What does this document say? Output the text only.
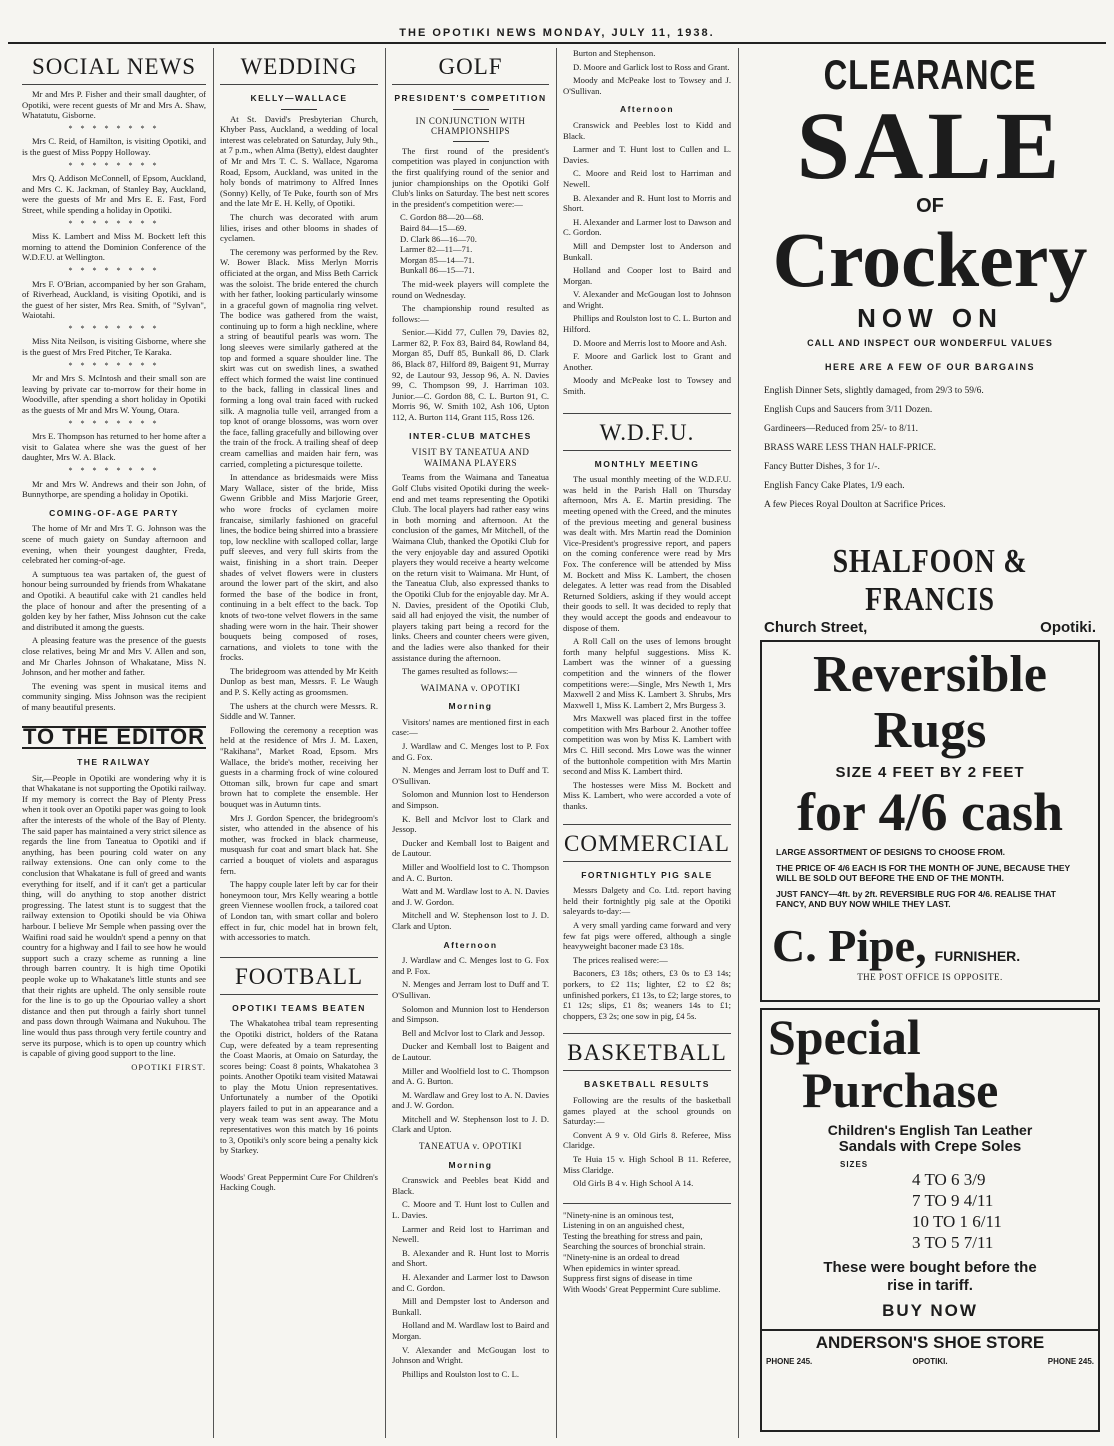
THE OPOTIKI NEWS MONDAY, JULY 11, 1938.
SOCIAL NEWS

Mr and Mrs P. Fisher and their small daughter, of Opotiki, were recent guests of Mr and Mrs A. Shaw, Whatatutu, Gisborne.

* * * * * * * *

Mrs C. Reid, of Hamilton, is visiting Opotiki, and is the guest of Miss Poppy Holloway.

* * * * * * * *

Mrs Q. Addison McConnell, of Epsom, Auckland, and Mrs C. K. Jackman, of Stanley Bay, Auckland, were the guests of Mr and Mrs E. E. Fast, Ford Street, while spending a holiday in Opotiki.

* * * * * * * *

Miss K. Lambert and Miss M. Bockett left this morning to attend the Dominion Conference of the W.D.F.U. at Wellington.

* * * * * * * *

Mrs F. O'Brian, accompanied by her son Graham, of Riverhead, Auckland, is visiting Opotiki, and is the guest of her sister, Mrs Rea. Smith, of "Sylvan", Waiotahi.

* * * * * * * *

Miss Nita Neilson, is visiting Gisborne, where she is the guest of Mrs Fred Pitcher, Te Karaka.

* * * * * * * *

Mr and Mrs S. McIntosh and their small son are leaving by private car to-morrow for their home in Woodville, after spending a short holiday in Opotiki as the guests of Mr and Mrs W. Young, Otara.

* * * * * * * *

Mrs E. Thompson has returned to her home after a visit to Galatea where she was the guest of her daughter, Mrs W. A. Black.

* * * * * * * *

Mr and Mrs W. Andrews and their son John, of Bunnythorpe, are spending a holiday in Opotiki.

COMING-OF-AGE PARTY

The home of Mr and Mrs T. G. Johnson was the scene of much gaiety on Sunday afternoon and evening, when their youngest daughter, Freda, celebrated her coming-of-age.

A sumptuous tea was partaken of, the guest of honour being surrounded by friends from Whakatane and Opotiki. A beautiful cake with 21 candles held the place of honour and after the presenting of a golden key by her father, Miss Johnson cut the cake and distributed it among the guests.

A pleasing feature was the presence of the guests close relatives, being Mr and Mrs V. Allen and son, and Mr Charles Johnson of Whakatane, Miss N. Johnson, and her mother and father.

The evening was spent in musical items and community singing. Miss Johnson was the recipient of many beautiful presents.

TO THE EDITOR
THE RAILWAY

Sir,—People in Opotiki are wondering why it is that Whakatane is not supporting the Opotiki railway. If my memory is correct the Bay of Plenty Press when it took over an Opotiki paper was going to look after the interests of the whole of the Bay of Plenty. The said paper has maintained a very strict silence as regards the line from Taneatua to Opotiki and if anything, has been pouring cold water on any railway extensions. One can only come to the conclusion that Whakatane is full of greed and wants everything for itself, and if it can't get a particular thing, will do anything to stop another district progressing. The latest stunt is to suggest that the railway extension to Opotiki should be via Ohiwa harbour. I believe Mr Semple when passing over the Waifini road said he wouldn't spend a penny on that country for a highway and I fail to see how he would support such a crazy scheme as running a line through barren country. It is high time Opotiki people woke up to Whakatane's little stunts and see that their rights are upheld. The only sensible route for the line is to go up the Opouriao valley a short distance and then put through a fairly short tunnel and pass down through Waimana and Nukuhou. The line would thus pass through very fertile country and serve its purpose, which is to open up country which is capable of giving good support to the line.

OPOTIKI FIRST.
WEDDING
KELLY—WALLACE

At St. David's Presbyterian Church, Khyber Pass, Auckland, a wedding of local interest was celebrated on Saturday, July 9th., at 7 p.m., when Alma (Betty), eldest daughter of Mr and Mrs T. C. S. Wallace, Ngaroma Road, Epsom, Auckland, was united in the holy bonds of matrimony to Alfred Innes (Sonny) Kelly, of Te Puke, fourth son of Mrs and the late Mr E. H. Kelly, of Opotiki.

The church was decorated with arum lilies, irises and other blooms in shades of cyclamen.

The ceremony was performed by the Rev. W. Bower Black. Miss Merlyn Morris officiated at the organ, and Miss Beth Carrick was the soloist. The bride entered the church with her father, looking particularly winsome in a graceful gown of magnolia ring velvet. The bodice was gathered from the waist, continuing up to form a high neckline, where a string of beautiful pearls was worn. The long sleeves were similarly gathered at the top and formed a square shoulder line. The skirt was cut on swedish lines, a swathed effect which formed the waist line continued to the back, falling in classical lines and forming a long oval train faced with rucked silk. A magnolia tulle veil, arranged from a top knot of orange blossoms, was worn over the face, falling gracefully and billowing over the train of the frock. A trailing sheaf of deep cream camellias and maiden hair fern, was carried, completing a picturesque toilette.

In attendance as bridesmaids were Miss Mary Wallace, sister of the bride, Miss Gwenn Gribble and Miss Marjorie Greer, who wore frocks of cyclamen moire francaise, similarly fashioned on graceful lines, the bodice being shirred into a brassiere top, low neckline with scalloped collar, large puff sleeves, and very full skirts from the waist, finishing in a short train. Deeper shades of velvet flowers were in clusters around the lower part of the skirt, and also formed the base of the bodice in front, continuing in a belt effect to the back. Top knots of two-tone velvet flowers in the same shading were worn in the hair. Their shower bouquets being composed of roses, carnations, and violets to tone with the frocks.

The bridegroom was attended by Mr Keith Dunlop as best man, Messrs. F. Le Waugh and P. S. Kelly acting as groomsmen.

The ushers at the church were Messrs. R. Siddle and W. Tanner.

Following the ceremony a reception was held at the residence of Mrs J. M. Laxen, "Rakihana", Market Road, Epsom. Mrs Wallace, the bride's mother, receiving her guests in a charming frock of wine coloured Ottoman silk, brown fur cape and smart brown hat to complete the ensemble. Her bouquet was in Autumn tints.

Mrs J. Gordon Spencer, the bridegroom's sister, who attended in the absence of his mother, was frocked in black charmeuse, musquash fur coat and smart black hat. She carried a bouquet of violets and asparagus fern.

The happy couple later left by car for their honeymoon tour, Mrs Kelly wearing a bottle green Viennese woollen frock, a tailored coat of London tan, with smart collar and bolero effect in fur, chic model hat in brown felt, with accessories to match.

FOOTBALL
OPOTIKI TEAMS BEATEN

The Whakatohea tribal team representing the Opotiki district, holders of the Ratana Cup, were defeated by a team representing the Coast Maoris, at Omaio on Saturday, the scores being: Coast 8 points, Whakatohea 3 points. Another Opotiki team visited Matawai to play the Motu Union representatives. Unfortunately a number of the Opotiki players failed to put in an appearance and a very weak team was sent away. The Motu representatives won this match by 16 points to 3, Opotiki's only score being a penalty kick by Starkey.

Woods' Great Peppermint Cure For Children's Hacking Cough.
GOLF
PRESIDENT'S COMPETITION
IN CONJUNCTION WITH CHAMPIONSHIPS

The first round of the president's competition was played in conjunction with the first qualifying round of the senior and junior championships on the Opotiki Golf Club's links on Saturday. The best nett scores in the president's competition were:—

C. Gordon 88—20—68.
Baird 84—15—69.
D. Clark 86—16—70.
Larmer 82—11—71.
Morgan 85—14—71.
Bunkall 86—15—71.

The mid-week players will complete the round on Wednesday.

The championship round resulted as follows:—

Senior.—Kidd 77, Cullen 79, Davies 82, Larmer 82, P. Fox 83, Baird 84, Rowland 84, Morgan 85, Duff 85, Bunkall 86, D. Clark 86, Black 87, Hilford 89, Baigent 91, Murray 92, de Lautour 93, Jessop 96, A. N. Davies 99, C. Thompson 99, J. Harriman 103. Junior.—C. Gordon 88, C. L. Burton 91, C. Morris 96, W. Smith 102, Ash 106, Upton 112, A. Burton 114, Grant 115, Ross 126.

INTER-CLUB MATCHES
VISIT BY TANEATUA AND WAIMANA PLAYERS

Teams from the Waimana and Taneatua Golf Clubs visited Opotiki during the week-end and met teams representing the Opotiki Club. The local players had rather easy wins in both morning and afternoon. At the conclusion of the games, Mr Mitchell, of the Waimana Club, thanked the Opotiki Club for the very enjoyable day and assured Opotiki players they would receive a hearty welcome on the return visit to Waimana. Mr Hunt, of the Taneatua Club, also expressed thanks to the Opotiki Club for the enjoyable day. Mr A. N. Davies, president of the Opotiki Club, said all had enjoyed the visit, the number of players taking part being a record for the links. Cheers and counter cheers were given, and the ladies were also thanked for their assistance during the afternoon.

The games resulted as follows:—

WAIMANA v. OPOTIKI
Morning

Visitors' names are mentioned first in each case:—

J. Wardlaw and C. Menges lost to P. Fox and G. Fox.

N. Menges and Jerram lost to Duff and T. O'Sullivan.

Solomon and Munnion lost to Henderson and Simpson.

K. Bell and McIvor lost to Clark and Jessop.

Ducker and Kemball lost to Baigent and de Lautour.

Miller and Woolfield lost to C. Thompson and A. C. Burton.

Watt and M. Wardlaw lost to A. N. Davies and J. W. Gordon.

Mitchell and W. Stephenson lost to J. D. Clark and Upton.

Afternoon

J. Wardlaw and C. Menges lost to G. Fox and P. Fox.

N. Menges and Jerram lost to Duff and T. O'Sullivan.

Solomon and Munnion lost to Henderson and Simpson.

Bell and McIvor lost to Clark and Jessop.

Ducker and Kemball lost to Baigent and de Lautour.

Miller and Woolfield lost to C. Thompson and A. G. Burton.

M. Wardlaw and Grey lost to A. N. Davies and J. W. Gordon.

Mitchell and W. Stephenson lost to J. D. Clark and Upton.

TANEATUA v. OPOTIKI
Morning

Cranswick and Peebles beat Kidd and Black.

C. Moore and T. Hunt lost to Cullen and L. Davies.

Larmer and Reid lost to Harriman and Newell.

B. Alexander and R. Hunt lost to Morris and Short.

H. Alexander and Larmer lost to Dawson and C. Gordon.

Mill and Dempster lost to Anderson and Bunkall.

Holland and M. Wardlaw lost to Baird and Morgan.

V. Alexander and McGougan lost to Johnson and Wright.

Phillips and Roulston lost to C. L.

Burton and Stephenson.

D. Moore and Garlick lost to Ross and Grant.

Moody and McPeake lost to Towsey and J. O'Sullivan.

Afternoon

Cranswick and Peebles lost to Kidd and Black.

Larmer and T. Hunt lost to Cullen and L. Davies.

C. Moore and Reid lost to Harriman and Newell.

B. Alexander and R. Hunt lost to Morris and Short.

H. Alexander and Larmer lost to Dawson and C. Gordon.

Mill and Dempster lost to Anderson and Bunkall.

Holland and Cooper lost to Baird and Morgan.

V. Alexander and McGougan lost to Johnson and Wright.

Phillips and Roulston lost to C. L. Burton and Hilford.

D. Moore and Merris lost to Moore and Ash.

F. Moore and Garlick lost to Grant and Another.

Moody and McPeake lost to Towsey and Smith.

W.D.F.U.
MONTHLY MEETING

The usual monthly meeting of the W.D.F.U. was held in the Parish Hall on Thursday afternoon, Mrs A. E. Martin presiding. The meeting opened with the Creed, and the minutes of the previous meeting and general business was dealt with. Mrs Martin read the Dominion Vice-President's progressive report, and papers on the coming conference were read by Mrs Fox. The conference will be attended by Miss M. Bockett and Miss K. Lambert, the chosen delegates. A letter was read from the Disabled Returned Soldiers, asking if they would accept their goods to sell. It was decided to reply that they would accept the goods and endeavour to dispose of them.

A Roll Call on the uses of lemons brought forth many helpful suggestions. Miss K. Lambert was the winner of a guessing competition and the winners of the flower competitions were:—Single, Mrs Newth 1, Mrs Maxwell 2 and Miss K. Lambert 3. Shrubs, Mrs Maxwell 1, Miss K. Lambert 2, Mrs Burgess 3.

Mrs Maxwell was placed first in the toffee competition with Mrs Barbour 2. Another toffee competition was won by Miss K. Lambert with Mrs C. Hill second. Mrs Lowe was the winner of the buttonhole competition with Mrs Martin second and Miss K. Lambert third.

The hostesses were Miss M. Bockett and Miss K. Lambert, who were accorded a vote of thanks.

COMMERCIAL
FORTNIGHTLY PIG SALE

Messrs Dalgety and Co. Ltd. report having held their fortnightly pig sale at the Opotiki saleyards to-day:—

A very small yarding came forward and very few fat pigs were offered, although a single heavyweight baconer made £3 18s.

The prices realised were:—

Baconers, £3 18s; others, £3 0s to £3 14s; porkers, to £2 11s; lighter, £2 to £2 8s; unfinished porkers, £1 13s, to £2; large stores, to £1 12s; slips, £1 8s; weaners 14s to £1; choppers, £3 2s; one sow in pig, £4 5s.

BASKETBALL
BASKETBALL RESULTS

Following are the results of the basketball games played at the school grounds on Saturday:—

Convent A 9 v. Old Girls 8. Referee, Miss Claridge.

Te Huia 15 v. High School B 11. Referee, Miss Claridge.

Old Girls B 4 v. High School A 14.

"Ninety-nine is an ominous test,
Listening in on an anguished chest,
Testing the breathing for stress and pain,
Searching the sources of bronchial strain.
"Ninety-nine is an ordeal to dread
When epidemics in winter spread.
Suppress first signs of disease in time
With Woods' Great Peppermint Cure sublime.
CLEARANCE
SALE
OF
Crockery
NOW ON
CALL AND INSPECT OUR WONDERFUL VALUES
HERE ARE A FEW OF OUR BARGAINS
English Dinner Sets, slightly damaged, from 29/3 to 59/6.
English Cups and Saucers from 3/11 Dozen.
Gardineers—Reduced from 25/- to 8/11.
BRASS WARE LESS THAN HALF-PRICE.
Fancy Butter Dishes, 3 for 1/-.
English Fancy Cake Plates, 1/9 each.
A few Pieces Royal Doulton at Sacrifice Prices.
SHALFOON & FRANCIS
Church Street,	Opotiki.
Reversible
Rugs
SIZE 4 FEET BY 2 FEET
for 4/6 cash
LARGE ASSORTMENT OF DESIGNS TO CHOOSE FROM.
THE PRICE OF 4/6 EACH IS FOR THE MONTH OF JUNE, BECAUSE THEY WILL BE SOLD OUT BEFORE THE END OF THE MONTH.
JUST FANCY—4ft. by 2ft. REVERSIBLE RUG FOR 4/6. REALISE THAT FANCY, AND BUY NOW WHILE THEY LAST.
C. Pipe, FURNISHER.
THE POST OFFICE IS OPPOSITE.
Special
Purchase
Children's English Tan Leather
Sandals with Crepe Soles
SIZES
4 TO 6 3/9
7 TO 9 4/11
10 TO 1 6/11
3 TO 5 7/11
These were bought before the
rise in tariff.
BUY NOW
ANDERSON'S SHOE STORE
PHONE 245.	OPOTIKI.	PHONE 245.
